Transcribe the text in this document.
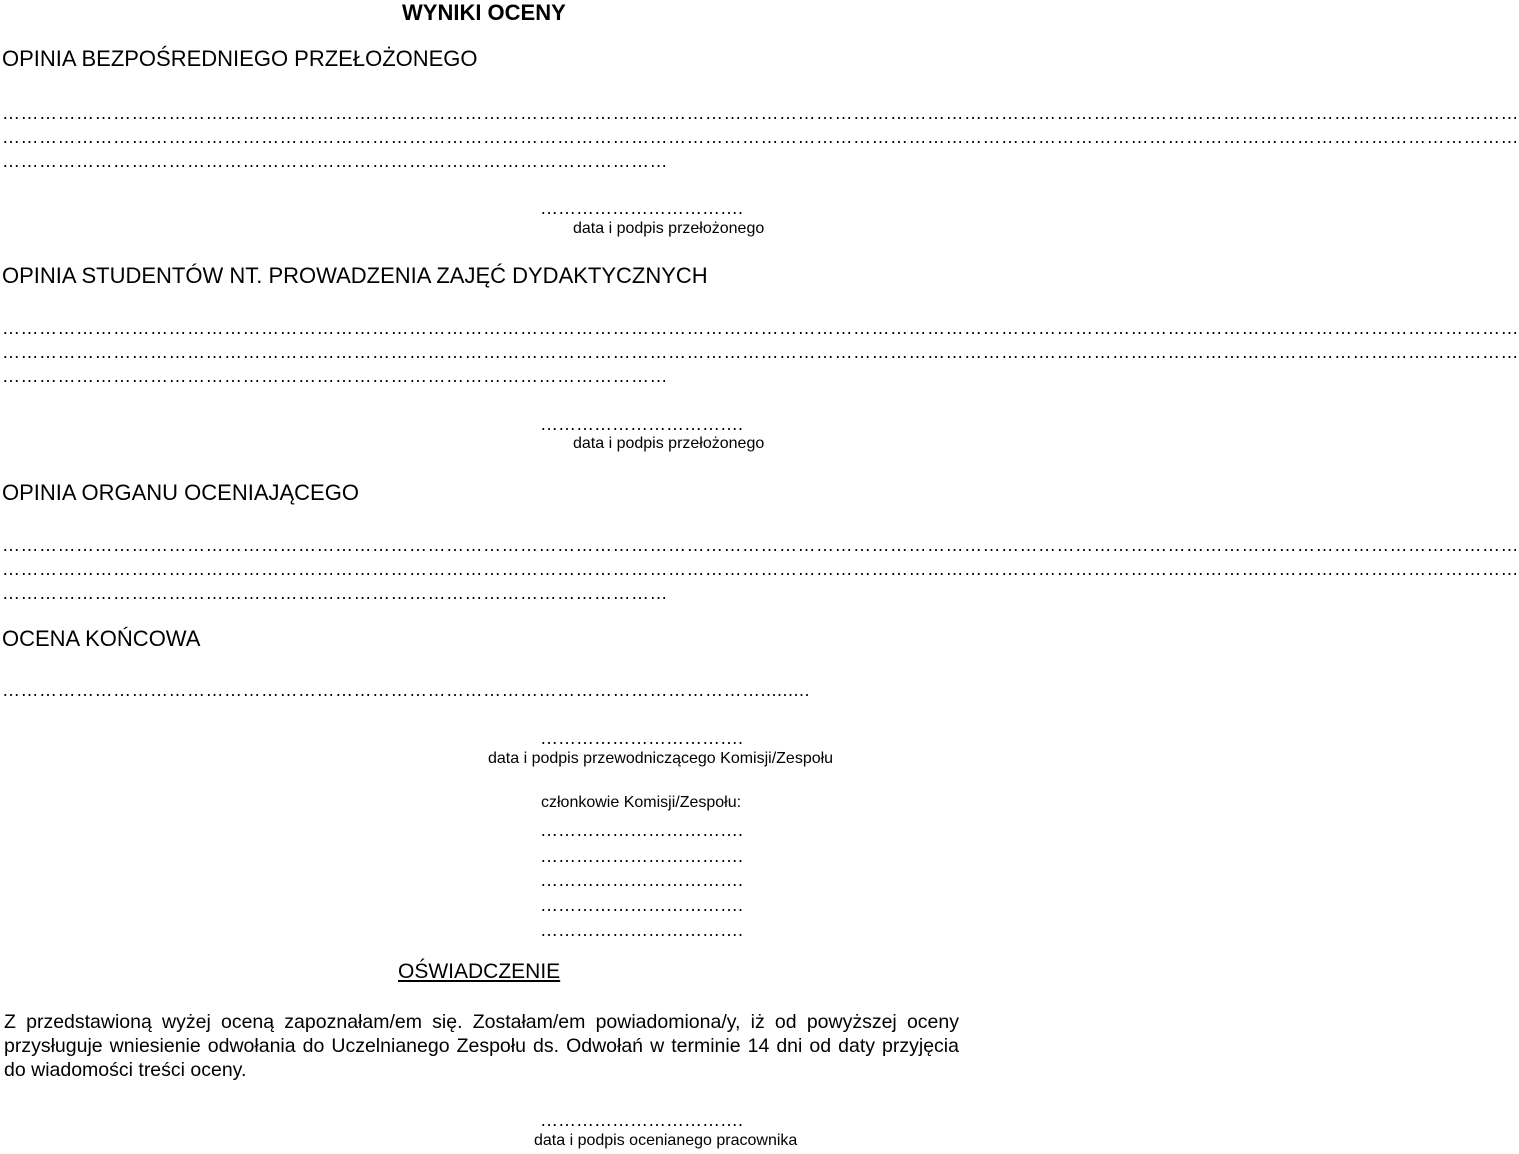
WYNIKI OCENY
OPINIA BEZPOŚREDNIEGO PRZEŁOŻONEGO
…………………………………………………………………………………………………………………………………………………………………………………………………………………………
…………………………………………………………………………………………………………………………………………………………………………………………………………………………
………………………………………………………………………………………………
…………………………….
data i podpis przełożonego
OPINIA STUDENTÓW NT. PROWADZENIA ZAJĘĆ DYDAKTYCZNYCH
…………………………………………………………………………………………………………………………………………………………………………………………………………………………
…………………………………………………………………………………………………………………………………………………………………………………………………………………………
………………………………………………………………………………………………
…………………………….
data i podpis przełożonego
OPINIA ORGANU OCENIAJĄCEGO
…………………………………………………………………………………………………………………………………………………………………………………………………………………………
…………………………………………………………………………………………………………………………………………………………………………………………………………………………
………………………………………………………………………………………………
OCENA KOŃCOWA
…………………………………………………………………………………………………………….........
…………………………….
data i podpis przewodniczącego Komisji/Zespołu
członkowie Komisji/Zespołu:
…………………………….
…………………………….
…………………………….
…………………………….
…………………………….
OŚWIADCZENIE
Z przedstawioną wyżej oceną zapoznałam/em się. Zostałam/em powiadomiona/y, iż od powyższej oceny przysługuje wniesienie odwołania do Uczelnianego Zespołu ds. Odwołań w terminie 14 dni od daty przyjęcia do wiadomości treści oceny.
…………………………….
data i podpis ocenianego pracownika
